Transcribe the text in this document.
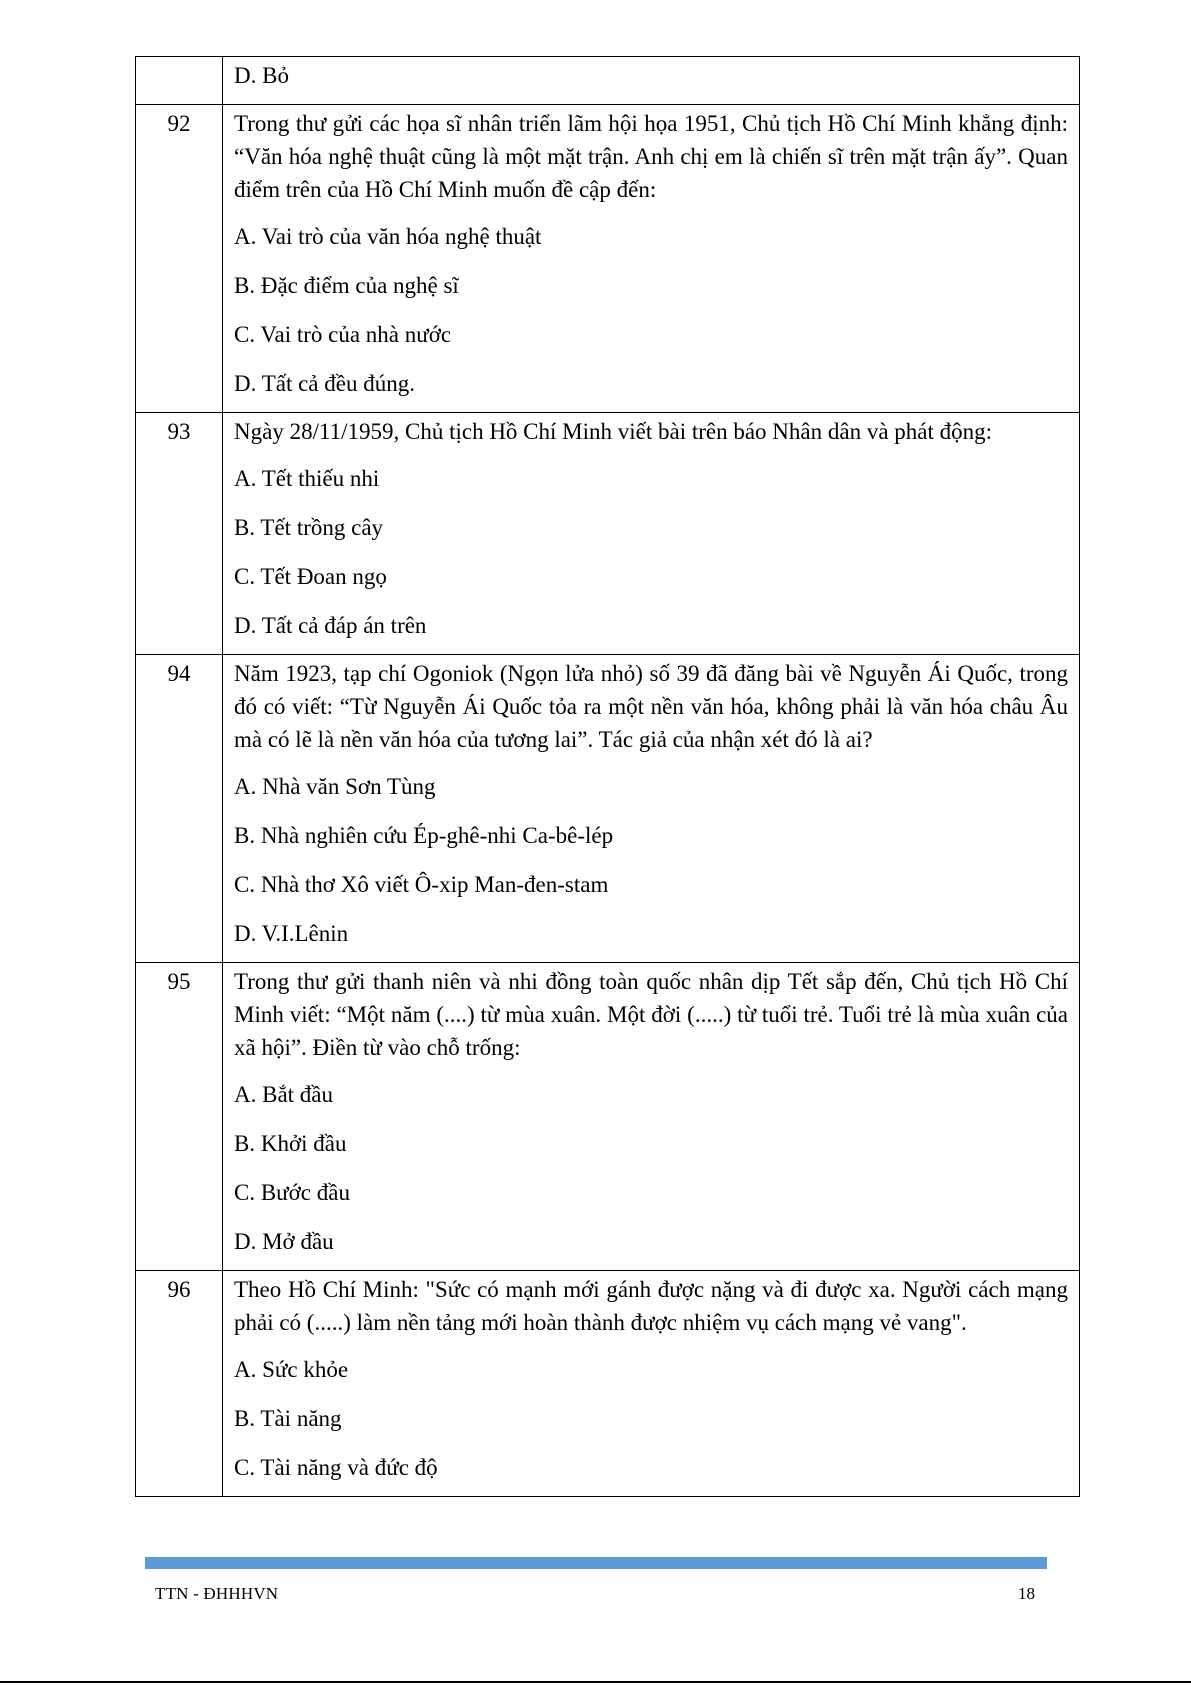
	D. Bỏ

92	Trong thư gửi các họa sĩ nhân triển lãm hội họa 1951, Chủ tịch Hồ Chí Minh khẳng định: “Văn hóa nghệ thuật cũng là một mặt trận. Anh chị em là chiến sĩ trên mặt trận ấy”. Quan điểm trên của Hồ Chí Minh muốn đề cập đến:

A. Vai trò của văn hóa nghệ thuật

B. Đặc điểm của nghệ sĩ

C. Vai trò của nhà nước

D. Tất cả đều đúng.

93	Ngày 28/11/1959, Chủ tịch Hồ Chí Minh viết bài trên báo Nhân dân và phát động:

A. Tết thiếu nhi

B. Tết trồng cây

C. Tết Đoan ngọ

D. Tất cả đáp án trên

94	Năm 1923, tạp chí Ogoniok (Ngọn lửa nhỏ) số 39 đã đăng bài về Nguyễn Ái Quốc, trong đó có viết: “Từ Nguyễn Ái Quốc tỏa ra một nền văn hóa, không phải là văn hóa châu Âu mà có lẽ là nền văn hóa của tương lai”. Tác giả của nhận xét đó là ai?

A. Nhà văn Sơn Tùng

B. Nhà nghiên cứu Ép-ghê-nhi Ca-bê-lép

C. Nhà thơ Xô viết Ô-xip Man-đen-stam

D. V.I.Lênin

95	Trong thư gửi thanh niên và nhi đồng toàn quốc nhân dịp Tết sắp đến, Chủ tịch Hồ Chí Minh viết: “Một năm (....) từ mùa xuân. Một đời (.....) từ tuổi trẻ. Tuổi trẻ là mùa xuân của xã hội”. Điền từ vào chỗ trống:

A. Bắt đầu

B. Khởi đầu

C. Bước đầu

D. Mở đầu

96	Theo Hồ Chí Minh: "Sức có mạnh mới gánh được nặng và đi được xa. Người cách mạng phải có (.....) làm nền tảng mới hoàn thành được nhiệm vụ cách mạng vẻ vang".

A. Sức khỏe

B. Tài năng

C. Tài năng và đức độ

TTN - ĐHHHVN	18
